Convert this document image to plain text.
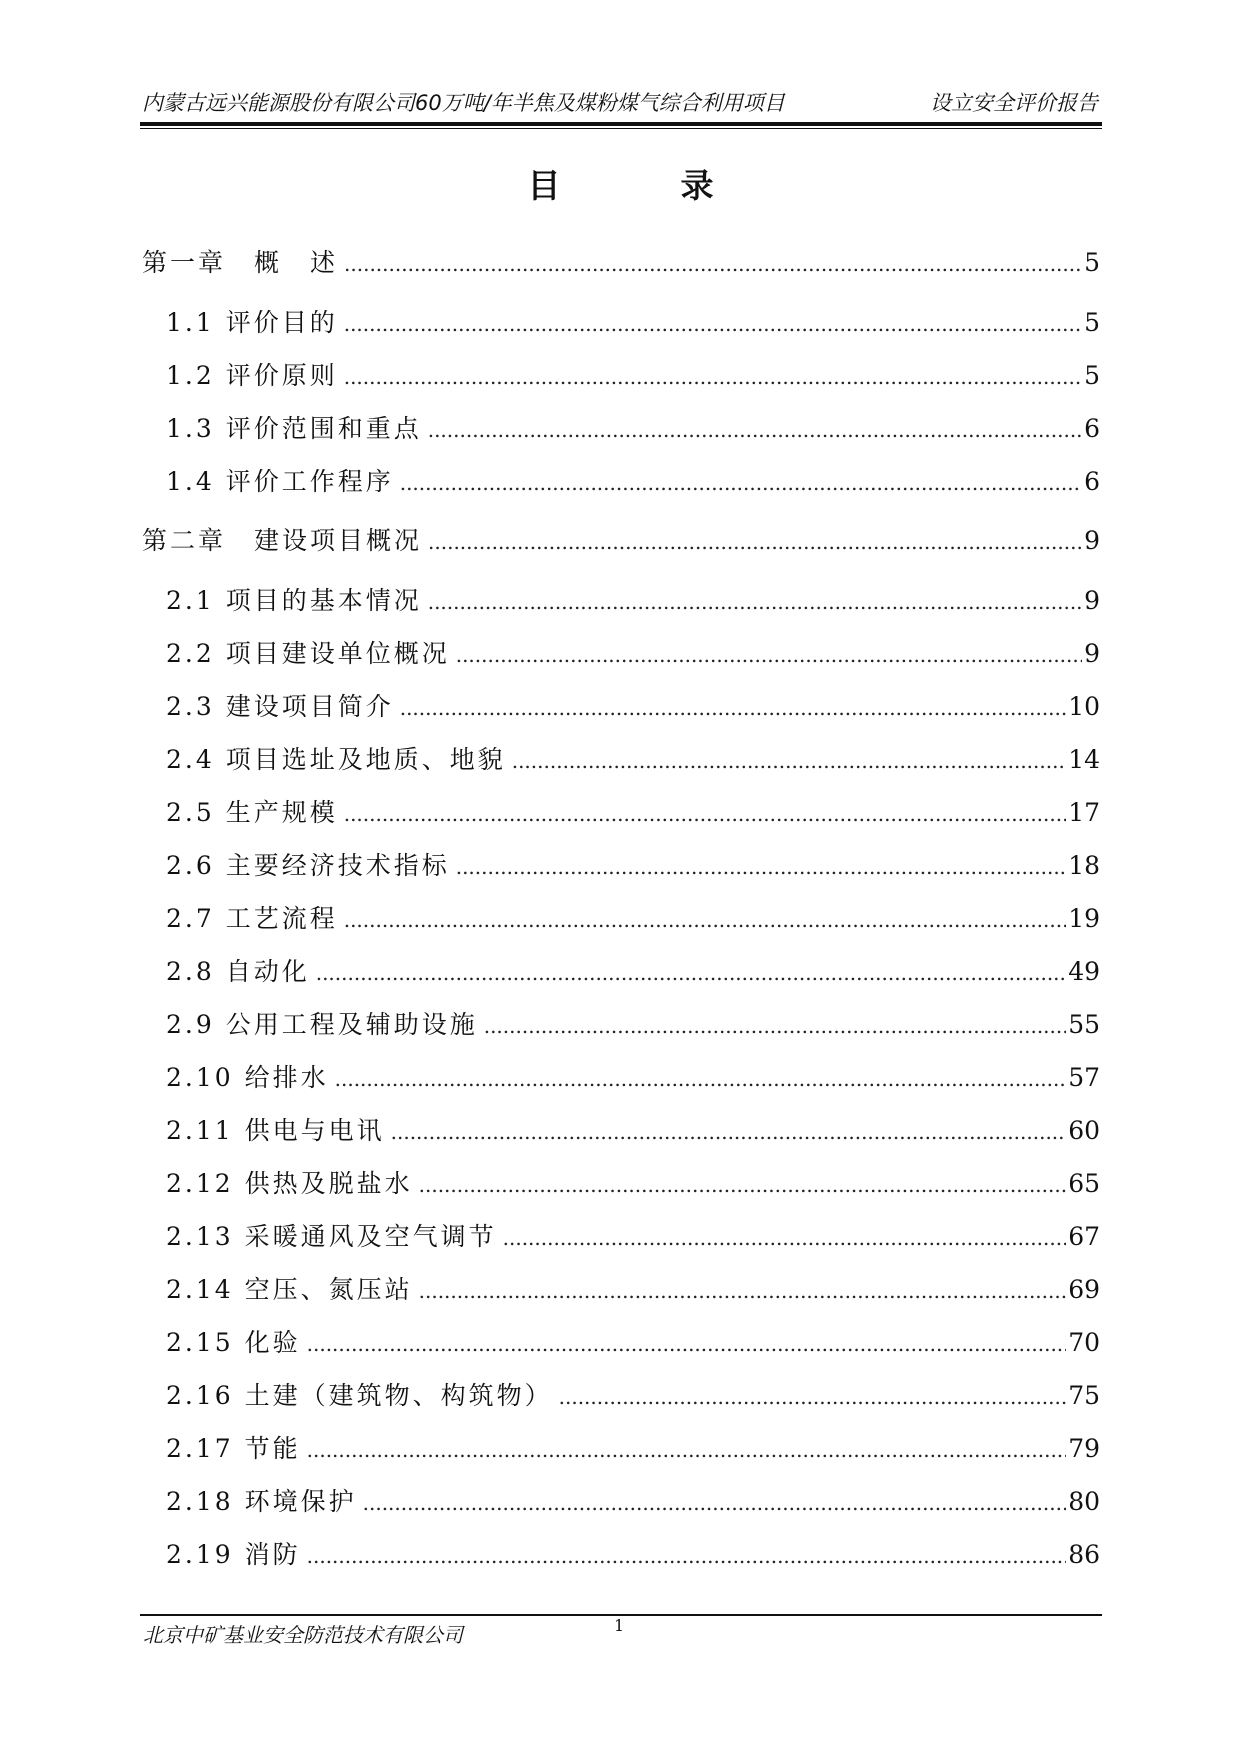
内蒙古远兴能源股份有限公司60万吨/年半焦及煤粉煤气综合利用项目	设立安全评价报告
目录
第一章　概　述 .....	5
1.1 评价目的 .....	5
1.2 评价原则 .....	5
1.3 评价范围和重点 .....	6
1.4 评价工作程序 .....	6
第二章　建设项目概况 .....	9
2.1 项目的基本情况 .....	9
2.2 项目建设单位概况 .....	9
2.3 建设项目简介 .....	10
2.4 项目选址及地质、地貌 .....	14
2.5 生产规模 .....	17
2.6 主要经济技术指标 .....	18
2.7 工艺流程 .....	19
2.8 自动化 .....	49
2.9 公用工程及辅助设施 .....	55
2.10 给排水 .....	57
2.11 供电与电讯 .....	60
2.12 供热及脱盐水 .....	65
2.13 采暖通风及空气调节 .....	67
2.14 空压、氮压站 .....	69
2.15 化验 .....	70
2.16 土建（建筑物、构筑物） .....	75
2.17 节能 .....	79
2.18 环境保护 .....	80
2.19 消防 .....	86
北京中矿基业安全防范技术有限公司	1
